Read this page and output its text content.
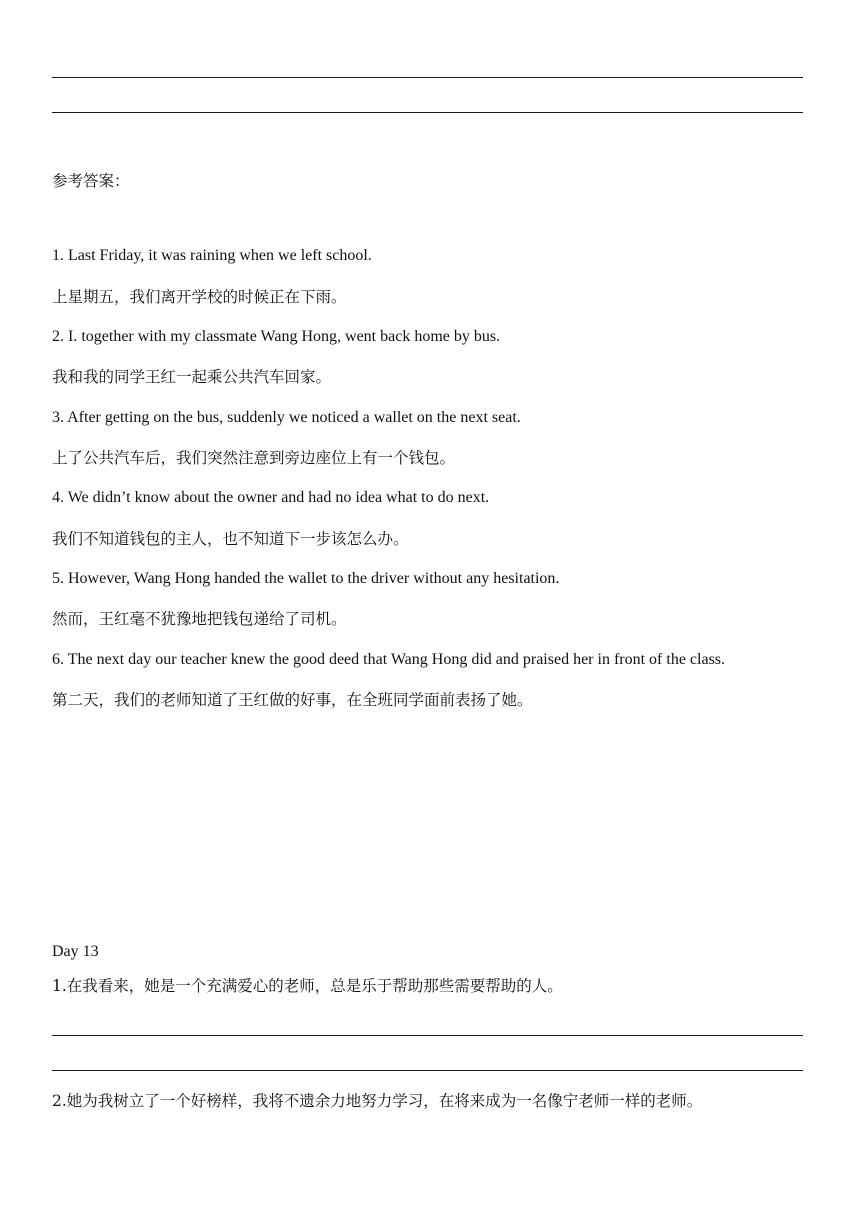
参考答案：
1. Last Friday, it was raining when we left school.
上星期五，我们离开学校的时候正在下雨。
2. I. together with my classmate Wang Hong, went back home by bus.
我和我的同学王红一起乘公共汽车回家。
3. After getting on the bus, suddenly we noticed a wallet on the next seat.
上了公共汽车后，我们突然注意到旁边座位上有一个钱包。
4. We didn’t know about the owner and had no idea what to do next.
我们不知道钱包的主人，也不知道下一步该怎么办。
5. However, Wang Hong handed the wallet to the driver without any hesitation.
然而，王红毫不犹豫地把钱包递给了司机。
6. The next day our teacher knew the good deed that Wang Hong did and praised her in front of the class.
第二天，我们的老师知道了王红做的好事，在全班同学面前表扬了她。
Day 13
1.在我看来，她是一个充满爱心的老师，总是乐于帮助那些需要帮助的人。
2.她为我树立了一个好榜样，我将不遗余力地努力学习，在将来成为一名像宁老师一样的老师。
